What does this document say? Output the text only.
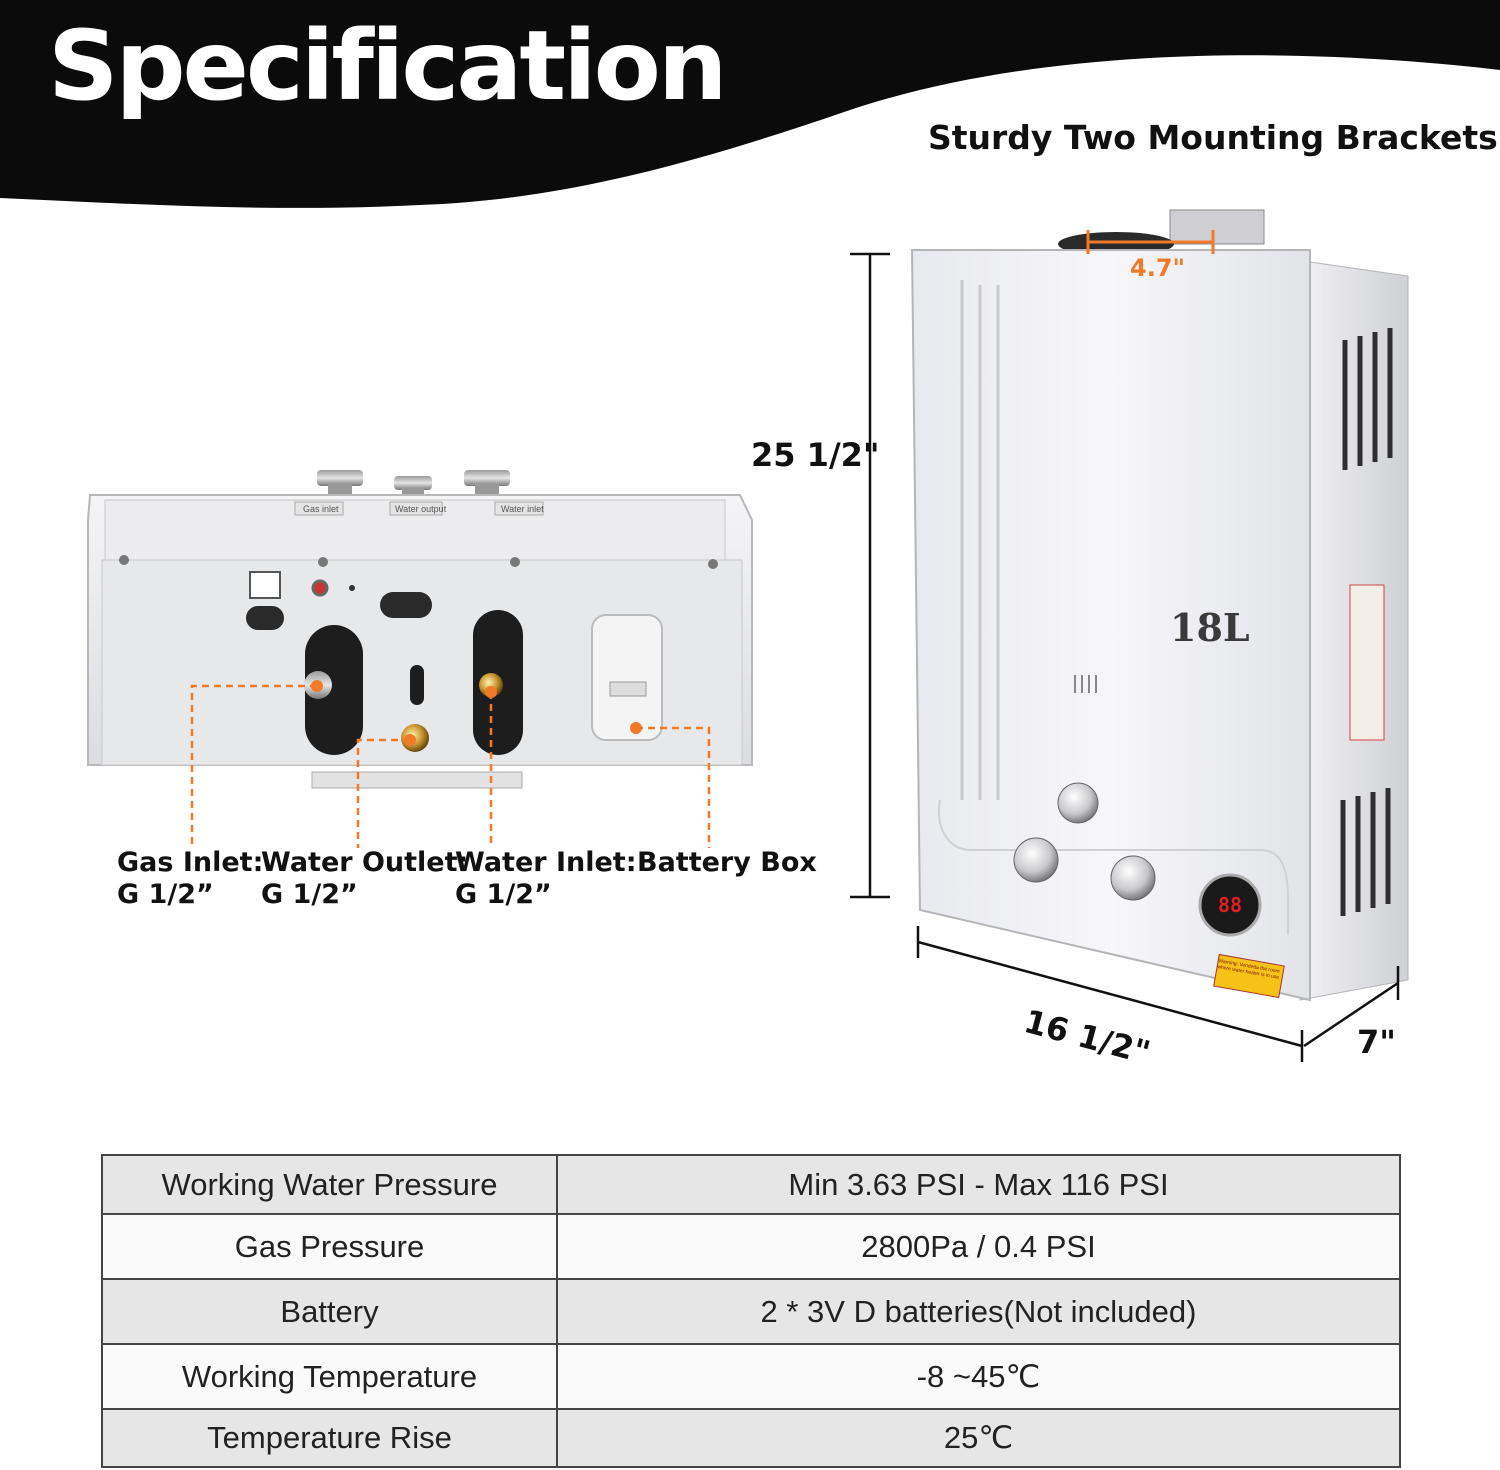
Specification
Sturdy Two Mounting Brackets
Gas inlet	Water output	Water inlet
Gas Inlet:
G 1/2”
Water Outlet:
G 1/2”
Water Inlet:
G 1/2”
Battery Box
18L
88
Warning: Vendetta the room where water heater is in use
25 1/2"
16 1/2"	7"
4.7"
Working Water Pressure	Min 3.63 PSI - Max 116 PSI
Gas Pressure	2800Pa / 0.4 PSI
Battery	2 * 3V D batteries(Not included)
Working Temperature	-8 ~45℃
Temperature Rise	25℃
